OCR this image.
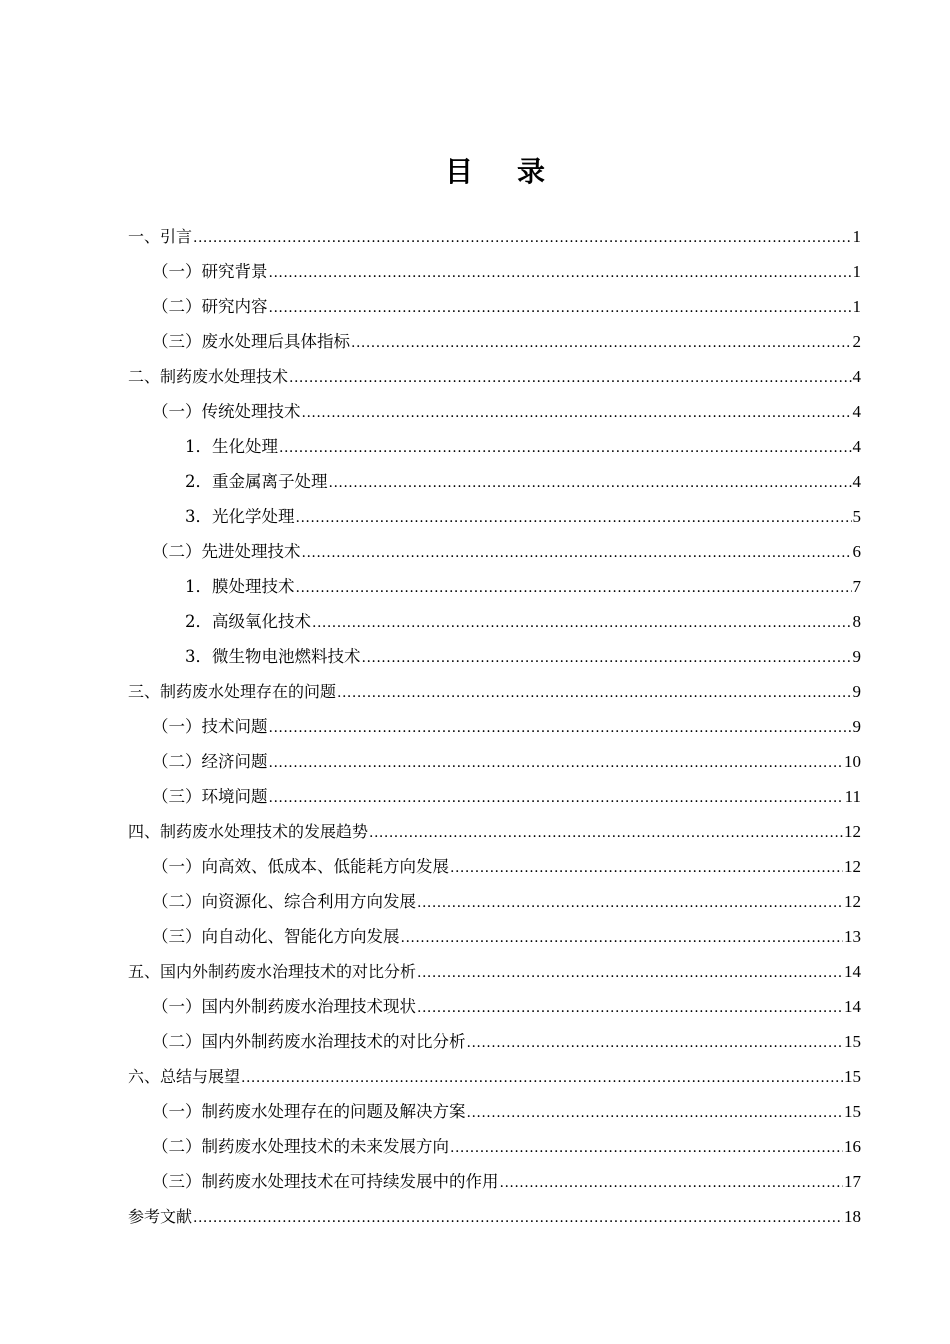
目 录
一、引言 .....	1
（一）研究背景 .....	1
（二）研究内容 .....	1
（三）废水处理后具体指标 .....	2
二、制药废水处理技术 .....	4
（一）传统处理技术 .....	4
1．生化处理 .....	4
2．重金属离子处理 .....	4
3．光化学处理 .....	5
（二）先进处理技术 .....	6
1．膜处理技术 .....	7
2．高级氧化技术 .....	8
3．微生物电池燃料技术 .....	9
三、制药废水处理存在的问题 .....	9
（一）技术问题 .....	9
（二）经济问题 .....	10
（三）环境问题 .....	11
四、制药废水处理技术的发展趋势 .....	12
（一）向高效、低成本、低能耗方向发展 .....	12
（二）向资源化、综合利用方向发展 .....	12
（三）向自动化、智能化方向发展 .....	13
五、国内外制药废水治理技术的对比分析 .....	14
（一）国内外制药废水治理技术现状 .....	14
（二）国内外制药废水治理技术的对比分析 .....	15
六、总结与展望 .....	15
（一）制药废水处理存在的问题及解决方案 .....	15
（二）制药废水处理技术的未来发展方向 .....	16
（三）制药废水处理技术在可持续发展中的作用 .....	17
参考文献 .....	18
